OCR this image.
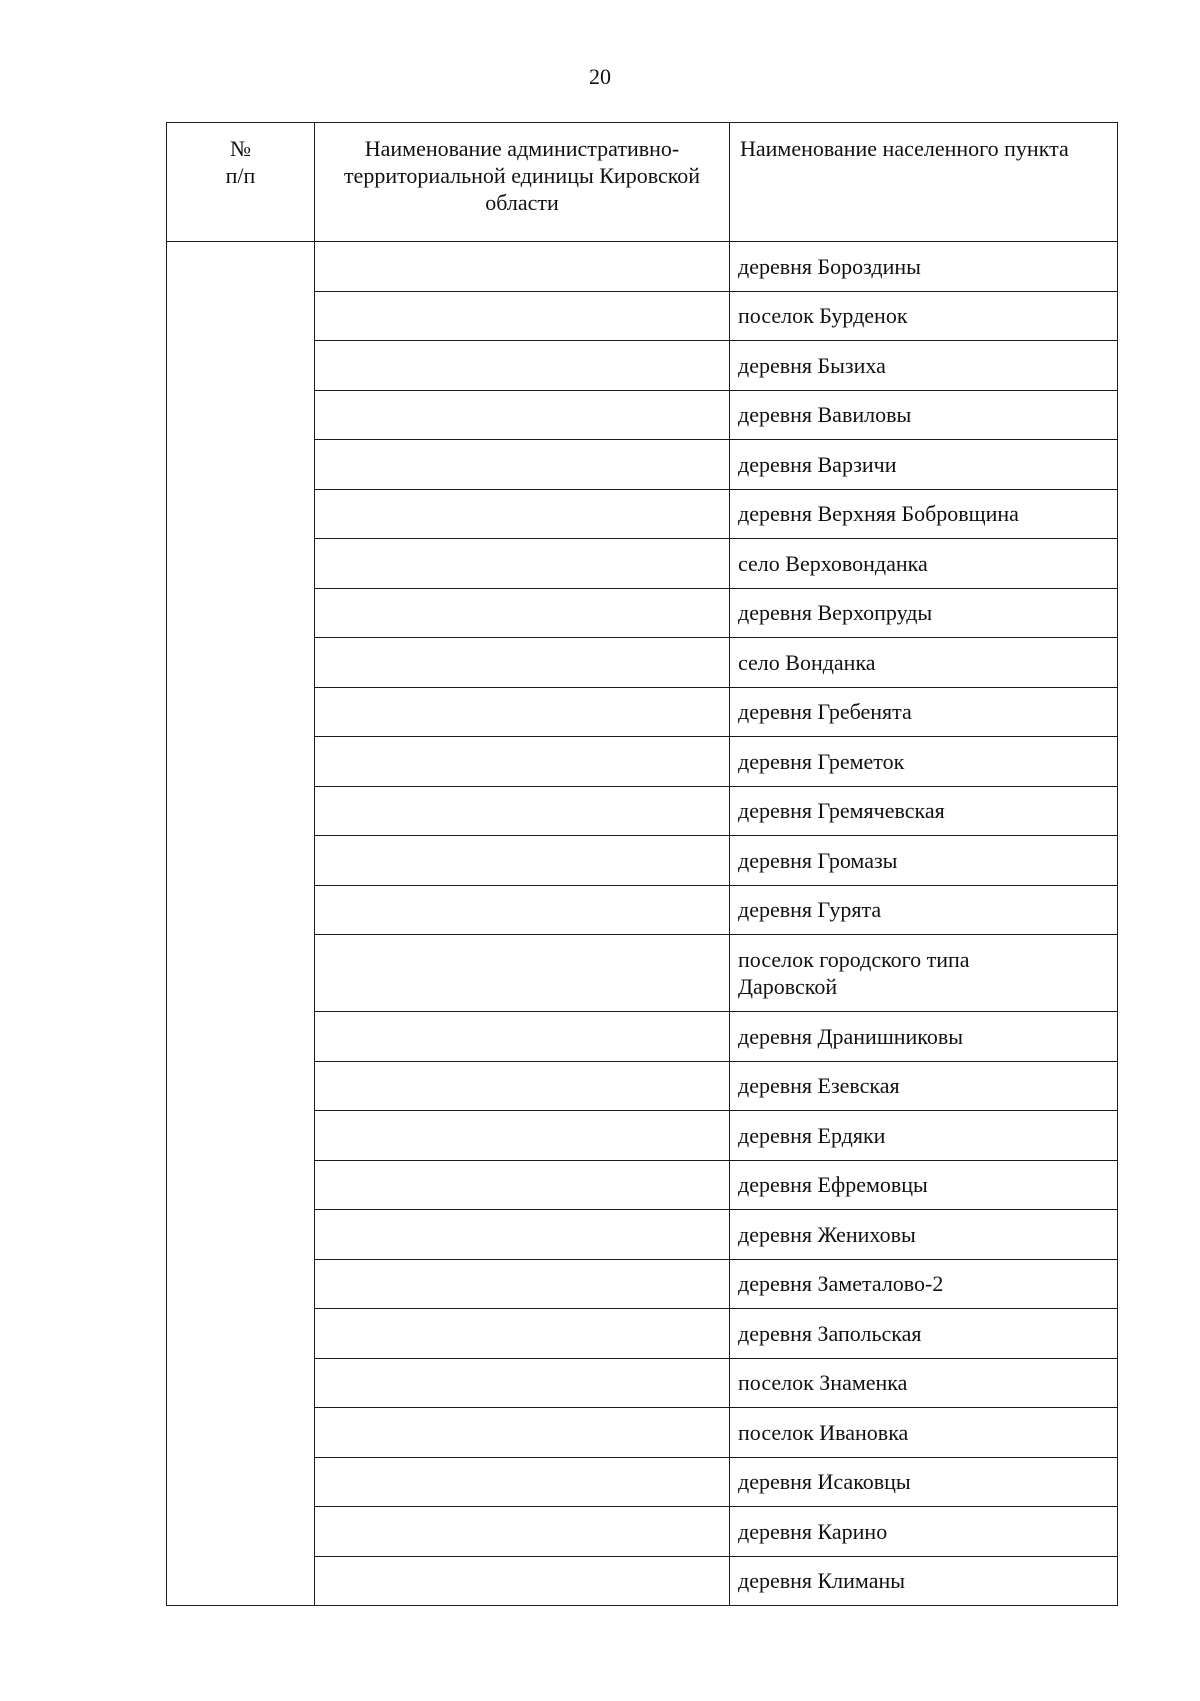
20
№
п/п	Наименование административно-территориальной единицы Кировской области	Наименование населенного пункта
		деревня Бороздины
		поселок Бурденок
		деревня Бызиха
		деревня Вавиловы
		деревня Варзичи
		деревня Верхняя Бобровщина
		село Верховонданка
		деревня Верхопруды
		село Вонданка
		деревня Гребенята
		деревня Греметок
		деревня Гремячевская
		деревня Громазы
		деревня Гурята
		поселок городского типа Даровской
		деревня Дранишниковы
		деревня Езевская
		деревня Ердяки
		деревня Ефремовцы
		деревня Жениховы
		деревня Заметалово-2
		деревня Запольская
		поселок Знаменка
		поселок Ивановка
		деревня Исаковцы
		деревня Карино
		деревня Климаны
